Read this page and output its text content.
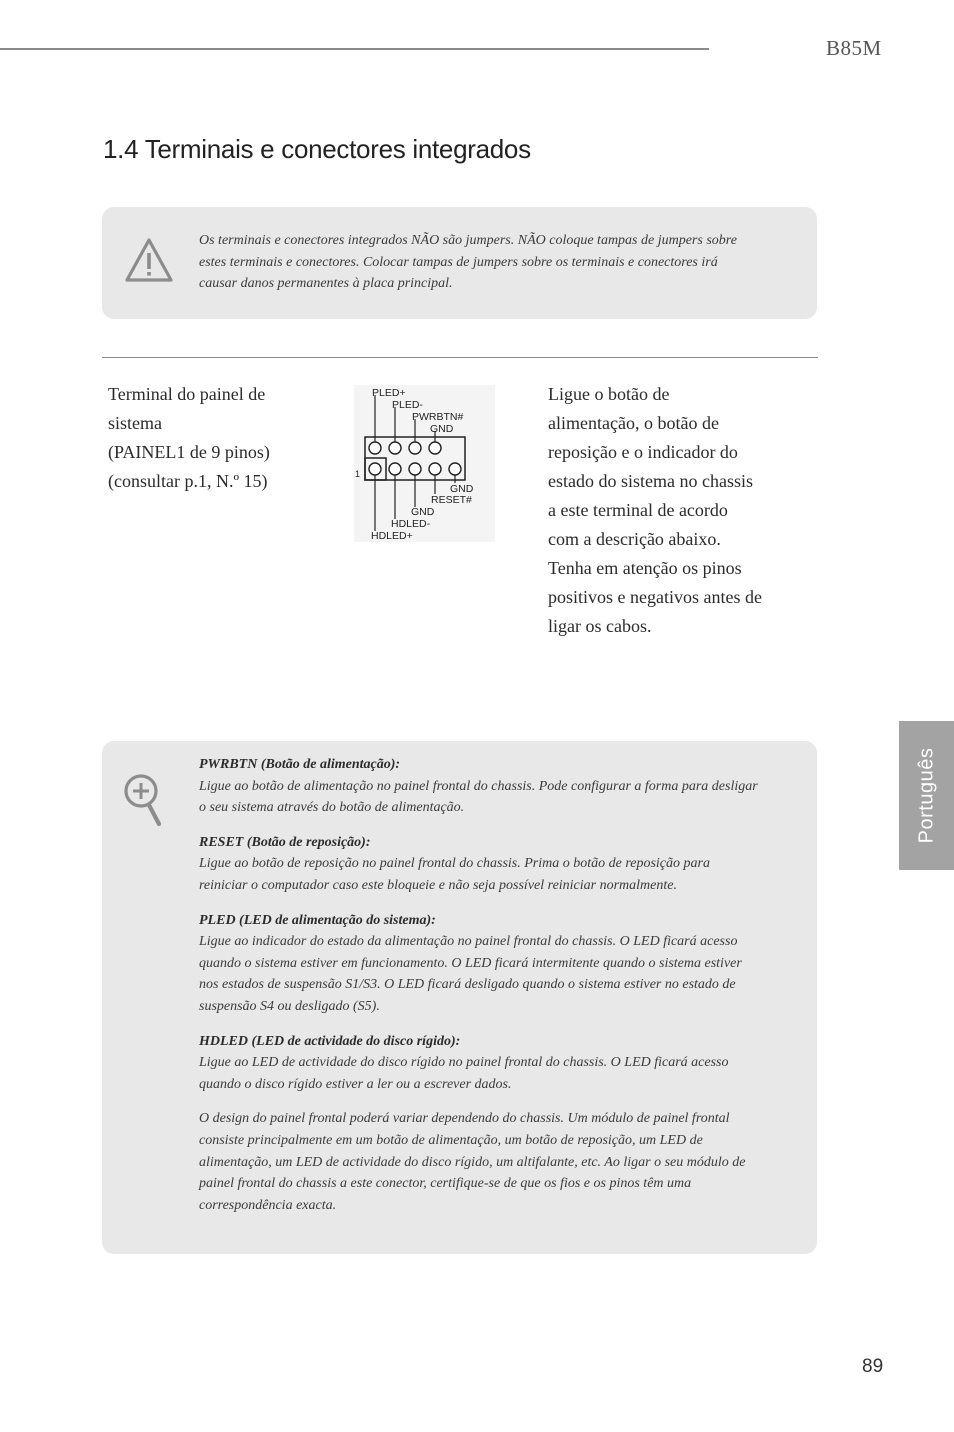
B85M
1.4 Terminais e conectores integrados

Os terminais e conectores integrados NÃO são jumpers. NÃO coloque tampas de jumpers sobre estes terminais e conectores. Colocar tampas de jumpers sobre os terminais e conectores irá causar danos permanentes à placa principal.

Terminal do painel de
sistema
(PAINEL1 de 9 pinos)
(consultar p.1, N.º 15)
PLED+
PLED-
PWRBTN#
GND
GND
RESET#
GND
HDLED-
HDLED+
1

Ligue o botão de alimentação, o botão de reposição e o indicador do estado do sistema no chassis a este terminal de acordo com a descrição abaixo. Tenha em atenção os pinos positivos e negativos antes de ligar os cabos.

PWRBTN (Botão de alimentação):
Ligue ao botão de alimentação no painel frontal do chassis. Pode configurar a forma para desligar o seu sistema através do botão de alimentação.

RESET (Botão de reposição):
Ligue ao botão de reposição no painel frontal do chassis. Prima o botão de reposição para reiniciar o computador caso este bloqueie e não seja possível reiniciar normalmente.

PLED (LED de alimentação do sistema):
Ligue ao indicador do estado da alimentação no painel frontal do chassis. O LED ficará acesso quando o sistema estiver em funcionamento. O LED ficará intermitente quando o sistema estiver nos estados de suspensão S1/S3. O LED ficará desligado quando o sistema estiver no estado de suspensão S4 ou desligado (S5).

HDLED (LED de actividade do disco rígido):
Ligue ao LED de actividade do disco rígido no painel frontal do chassis. O LED ficará acesso quando o disco rígido estiver a ler ou a escrever dados.

O design do painel frontal poderá variar dependendo do chassis. Um módulo de painel frontal consiste principalmente em um botão de alimentação, um botão de reposição, um LED de alimentação, um LED de actividade do disco rígido, um altifalante, etc. Ao ligar o seu módulo de painel frontal do chassis a este conector, certifique-se de que os fios e os pinos têm uma correspondência exacta.

Português
89
